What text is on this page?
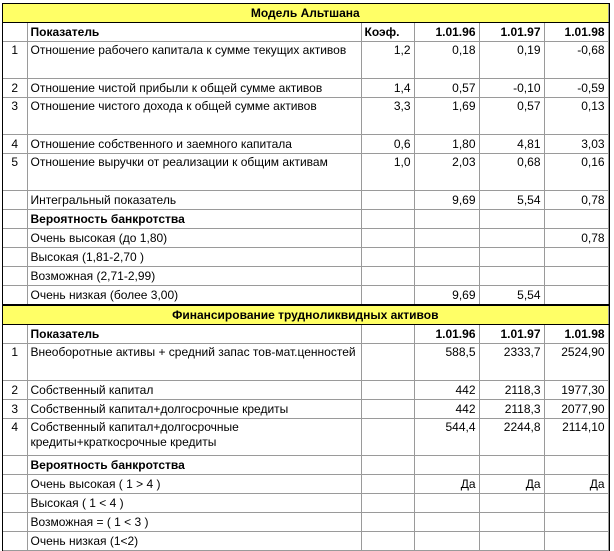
Модель Альтшана					
	Показатель	Коэф.	1.01.96	1.01.97	1.01.98
1	Отношение рабочего капитала к сумме текущих активов	1,2	0,18	0,19	-0,68
2	Отношение чистой прибыли к общей сумме активов	1,4	0,57	-0,10	-0,59
3	Отношение чистого дохода к общей сумме активов	3,3	1,69	0,57	0,13
4	Отношение собственного и заемного капитала	0,6	1,80	4,81	3,03
5	Отношение выручки от реализации к общим активам	1,0	2,03	0,68	0,16
	Интегральный показатель		9,69	5,54	0,78
	Вероятность банкротства				
	Очень высокая (до 1,80)				0,78
	Высокая (1,81-2,70 )				
	Возможная (2,71-2,99)				
	Очень низкая (более 3,00)		9,69	5,54	
Финансирование труднoликвидных активов					
	Показатель		1.01.96	1.01.97	1.01.98
1	Внеоборотные активы + средний запас тов-мат.ценностей		588,5	2333,7	2524,90
2	Собственный капитал		442	2118,3	1977,30
3	Собственный капитал+долгосрочные кредиты		442	2118,3	2077,90
4	Собственный капитал+долгосрочные кредиты+краткосрочные кредиты		544,4	2244,8	2114,10
	Вероятность банкротства				
	Очень высокая ( 1 > 4 )		Да	Да	Да
	Высокая ( 1 < 4 )				
	Возможная = ( 1 < 3 )				
	Очень низкая (1<2)				
